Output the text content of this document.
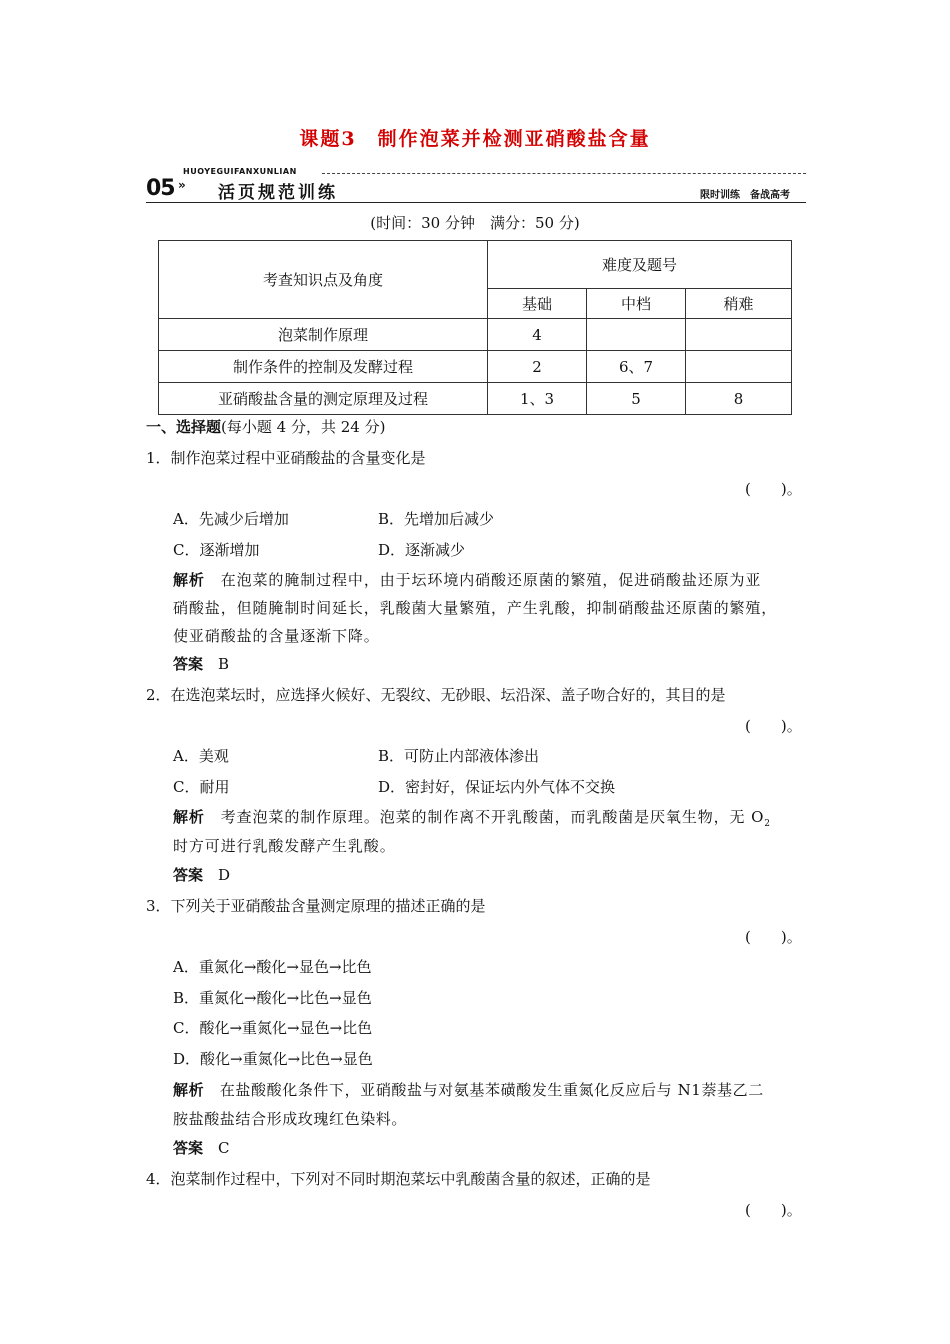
课题3　制作泡菜并检测亚硝酸盐含量
HUOYEGUIFANXUNLIAN
05 » 活页规范训练	限时训练　备战高考
(时间：30 分钟　满分：50 分)
考查知识点及角度	难度及题号		
	基础	中档	稍难
泡菜制作原理	4		
制作条件的控制及发酵过程	2	6、7	
亚硝酸盐含量的测定原理及过程	1、3	5	8
一、选择题(每小题 4 分，共 24 分)
1．制作泡菜过程中亚硝酸盐的含量变化是
(　　)。
A．先减少后增加	B．先增加后减少
C．逐渐增加	D．逐渐减少
解析　 在泡菜的腌制过程中，由于坛环境内硝酸还原菌的繁殖，促进硝酸盐还原为亚
硝酸盐，但随腌制时间延长，乳酸菌大量繁殖，产生乳酸，抑制硝酸盐还原菌的繁殖，
使亚硝酸盐的含量逐渐下降。
答案　 B
2．在选泡菜坛时，应选择火候好、无裂纹、无砂眼、坛沿深、盖子吻合好的，其目的是
(　　)。
A．美观	B．可防止内部液体渗出
C．耐用	D．密封好，保证坛内外气体不交换
解析　 考查泡菜的制作原理。泡菜的制作离不开乳酸菌，而乳酸菌是厌氧生物，无 $O_2$
时方可进行乳酸发酵产生乳酸。
答案　 D
3．下列关于亚硝酸盐含量测定原理的描述正确的是
(　　)。
A．重氮化→酸化→显色→比色
B．重氮化→酸化→比色→显色
C．酸化→重氮化→显色→比色
D．酸化→重氮化→比色→显色
解析　 在盐酸酸化条件下，亚硝酸盐与对氨基苯磺酸发生重氮化反应后与 N1萘基乙二
胺盐酸盐结合形成玫瑰红色染料。
答案　 C
4．泡菜制作过程中，下列对不同时期泡菜坛中乳酸菌含量的叙述，正确的是
(　　)。
